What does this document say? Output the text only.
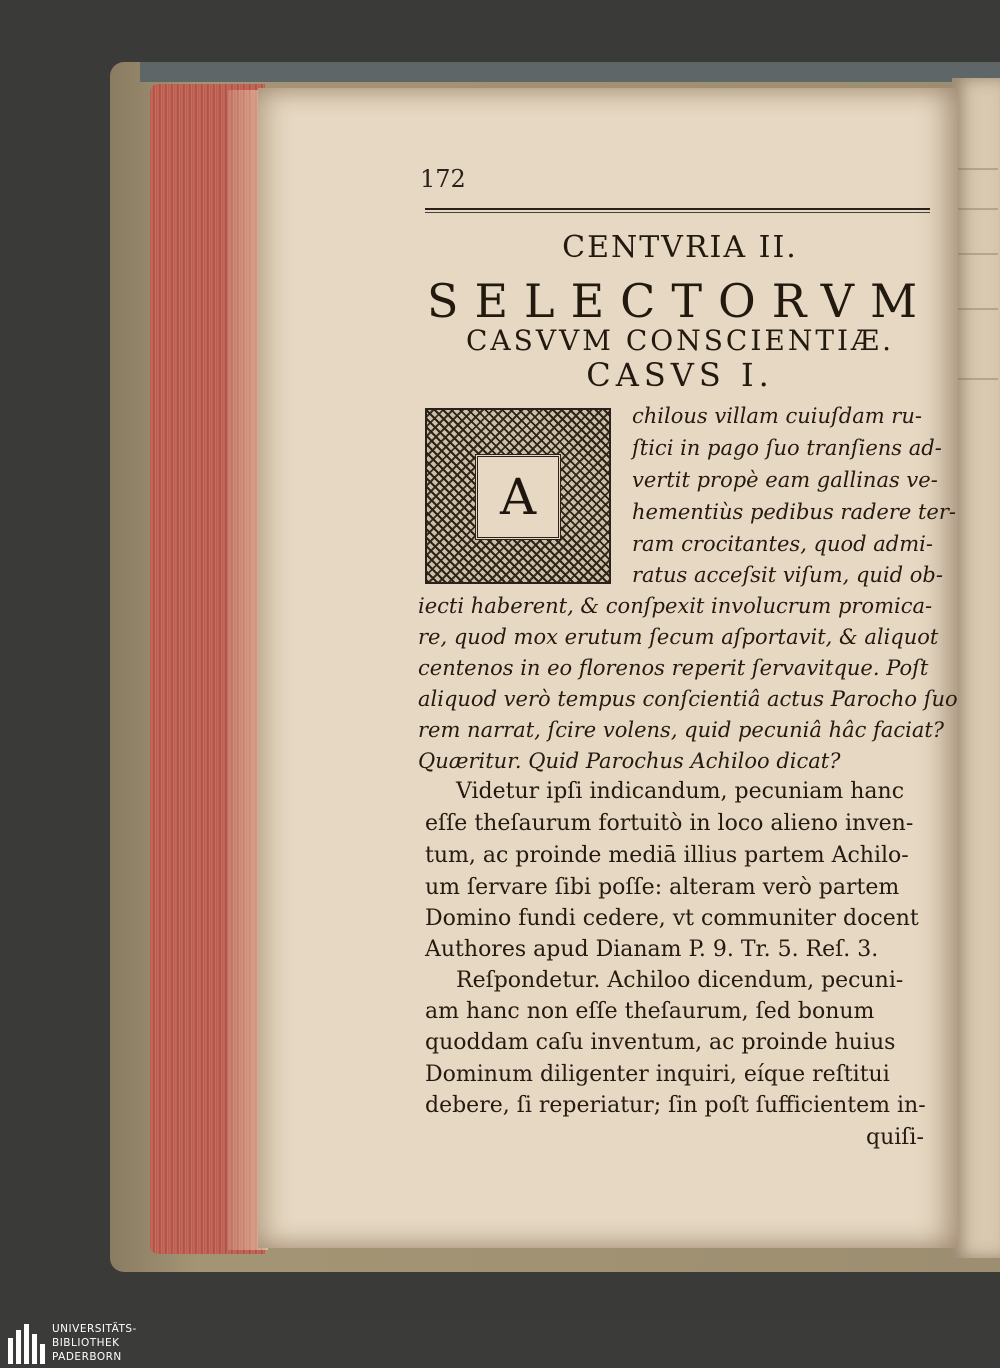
172
CENTVRIA II.
SELECTORVM
CASVVM CONSCIENTIÆ.
CASVS I.
A
chilous villam cuiuſdam ru-
ſtici in pago ſuo tranſiens ad-
vertit propè eam gallinas ve-
hementiùs pedibus radere ter-
ram crocitantes, quod admi-
ratus acceſsit viſum, quid ob-
iecti haberent, & conſpexit involucrum promica-
re, quod mox erutum ſecum aſportavit, & aliquot
centenos in eo florenos reperit ſervavitque. Poſt
aliquod verò tempus conſcientiâ actus Parocho ſuo
rem narrat, ſcire volens, quid pecuniâ hâc faciat?
Quæritur. Quid Parochus Achiloo dicat?
Videtur ipſi indicandum, pecuniam hanc
eſſe theſaurum fortuitò in loco alieno inven-
tum, ac proinde mediā illius partem Achilo-
um ſervare ſibi poſſe: alteram verò partem
Domino fundi cedere, vt communiter docent
Authores apud Dianam P. 9. Tr. 5. Reſ. 3.
Reſpondetur. Achiloo dicendum, pecuni-
am hanc non eſſe theſaurum, ſed bonum
quoddam caſu inventum, ac proinde huius
Dominum diligenter inquiri, eíque reſtitui
debere, ſi reperiatur; ſin poſt ſufficientem in-
quiſi-
UNIVERSITÄTS-
BIBLIOTHEK
PADERBORN
